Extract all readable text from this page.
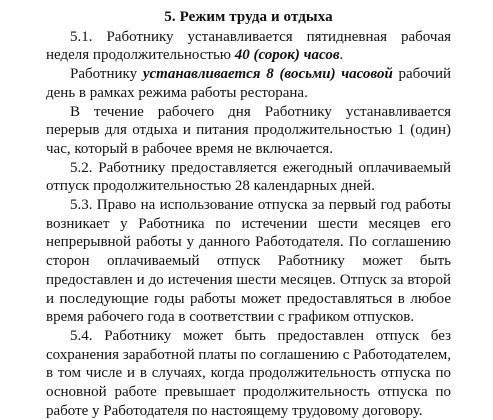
5. Режим труда и отдыха

5.1. Работнику устанавливается пятидневная рабочая неделя продолжительностью 40 (сорок) часов.

Работнику устанавливается 8 (восьми) часовой рабочий день в рамках режима работы ресторана.

В течение рабочего дня Работнику устанавливается перерыв для отдыха и питания продолжительностью 1 (один) час, который в рабочее время не включается.

5.2. Работнику предоставляется ежегодный оплачиваемый отпуск продолжительностью 28 календарных дней.

5.3. Право на использование отпуска за первый год работы возникает у Работника по истечении шести месяцев его непрерывной работы у данного Работодателя. По соглашению сторон оплачиваемый отпуск Работнику может быть предоставлен и до истечения шести месяцев. Отпуск за второй и последующие годы работы может предоставляться в любое время рабочего года в соответствии с графиком отпусков.

5.4. Работнику может быть предоставлен отпуск без сохранения заработной платы по соглашению с Работодателем, в том числе и в случаях, когда продолжительность отпуска по основной работе превышает продолжительность отпуска по работе у Работодателя по настоящему трудовому договору.
